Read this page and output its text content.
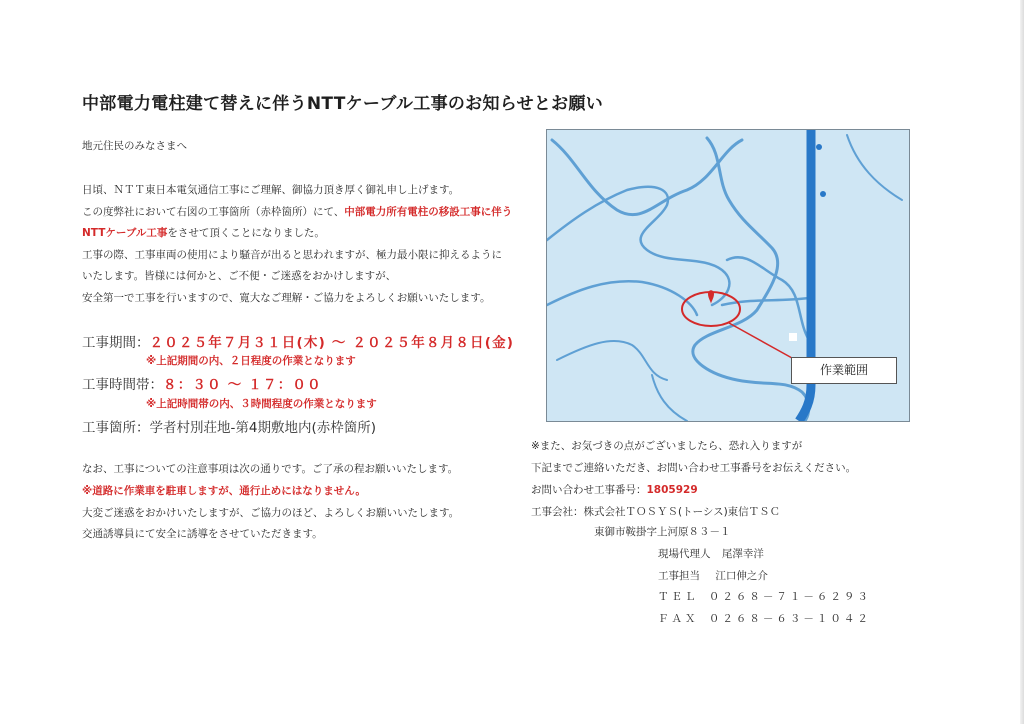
中部電力電柱建て替えに伴うNTTケーブル工事のお知らせとお願い
地元住民のみなさまへ
日頃、ＮＴＴ東日本電気通信工事にご理解、御協力頂き厚く御礼申し上げます。
この度弊社において右図の工事箇所（赤枠箇所）にて、中部電力所有電柱の移設工事に伴う
NTTケーブル工事をさせて頂くことになりました。
工事の際、工事車両の使用により騒音が出ると思われますが、極力最小限に抑えるように
いたします。皆様には何かと、ご不便・ご迷惑をおかけしますが、
安全第一で工事を行いますので、寛大なご理解・ご協力をよろしくお願いいたします。
工事期間：２０２５年７月３１日(木) ～ ２０２５年８月８日(金)
※上記期間の内、２日程度の作業となります
工事時間帯：８：３０ ～ １７：００
※上記時間帯の内、３時間程度の作業となります
工事箇所：学者村別荘地-第4期敷地内(赤枠箇所)
なお、工事についての注意事項は次の通りです。ご了承の程お願いいたします。
※道路に作業車を駐車しますが、通行止めにはなりません。
大変ご迷惑をおかけいたしますが、ご協力のほど、よろしくお願いいたします。
交通誘導員にて安全に誘導をさせていただきます。
作業範囲
※また、お気づきの点がございましたら、恐れ入りますが
下記までご連絡いただき、お問い合わせ工事番号をお伝えください。
お問い合わせ工事番号：1805929
工事会社：株式会社ＴＯＳＹＳ(トーシス)東信ＴＳＣ
東御市鞍掛字上河原８３－１
現場代理人 尾澤幸洋
工事担当 江口伸之介
ＴＥＬ ０２６８－７１－６２９３
ＦＡＸ ０２６８－６３－１０４２
